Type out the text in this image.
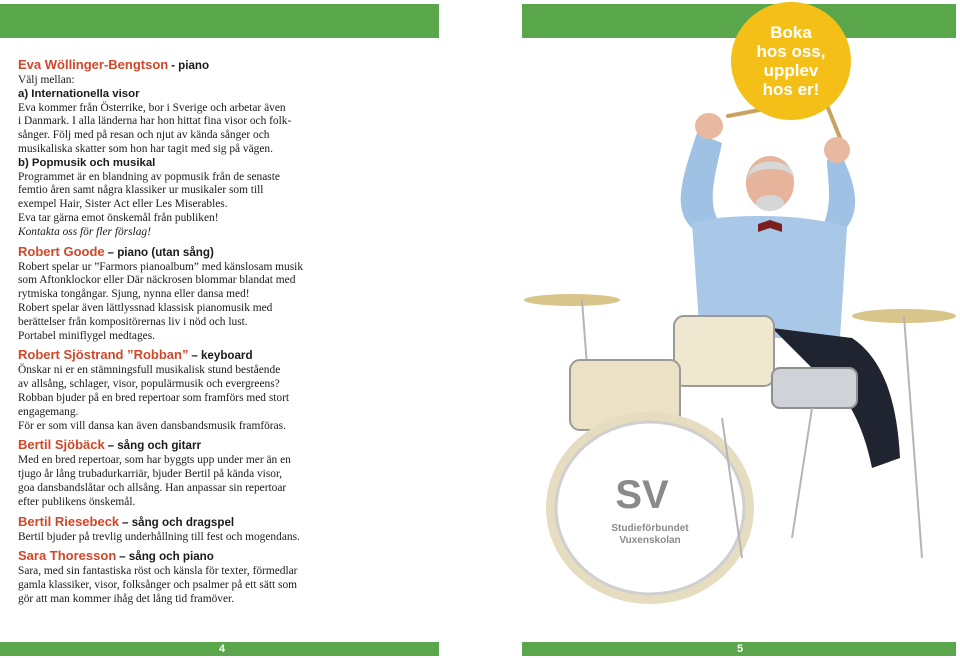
Eva Wöllinger-Bengtson - piano

Välj mellan:

a) Internationella visor

Eva kommer från Österrike, bor i Sverige och arbetar även

i Danmark. I alla länderna har hon hittat fina visor och folk-

sånger. Följ med på resan och njut av kända sånger och

musikaliska skatter som hon har tagit med sig på vägen.

b) Popmusik och musikal

Programmet är en blandning av popmusik från de senaste

femtio åren samt några klassiker ur musikaler som till

exempel Hair, Sister Act eller Les Miserables.

Eva tar gärna emot önskemål från publiken!

Kontakta oss för fler förslag!

Robert Goode – piano (utan sång)

Robert spelar ur ”Farmors pianoalbum” med känslosam musik

som Aftonklockor eller Där näckrosen blommar blandat med

rytmiska tongångar. Sjung, nynna eller dansa med!

Robert spelar även lättlyssnad klassisk pianomusik med

berättelser från kompositörernas liv i nöd och lust.

Portabel miniflygel medtages.

Robert Sjöstrand ”Robban” – keyboard

Önskar ni er en stämningsfull musikalisk stund bestående

av allsång, schlager, visor, populärmusik och evergreens?

Robban bjuder på en bred repertoar som framförs med stort

engagemang.

För er som vill dansa kan även dansbandsmusik framföras.

Bertil Sjöbäck – sång och gitarr

Med en bred repertoar, som har byggts upp under mer än en

tjugo år lång trubadurkarriär, bjuder Bertil på kända visor,

goa dansbandslåtar och allsång. Han anpassar sin repertoar

efter publikens önskemål.

Bertil Riesebeck – sång och dragspel

Bertil bjuder på trevlig underhållning till fest och mogendans.

Sara Thoresson – sång och piano

Sara, med sin fantastiska röst och känsla för texter, förmedlar

gamla klassiker, visor, folksånger och psalmer på ett sätt som

gör att man kommer ihåg det lång tid framöver.

SV
Studieförbundet
Vuxenskolan
Boka
hos oss,
upplev
hos er!
4	5
